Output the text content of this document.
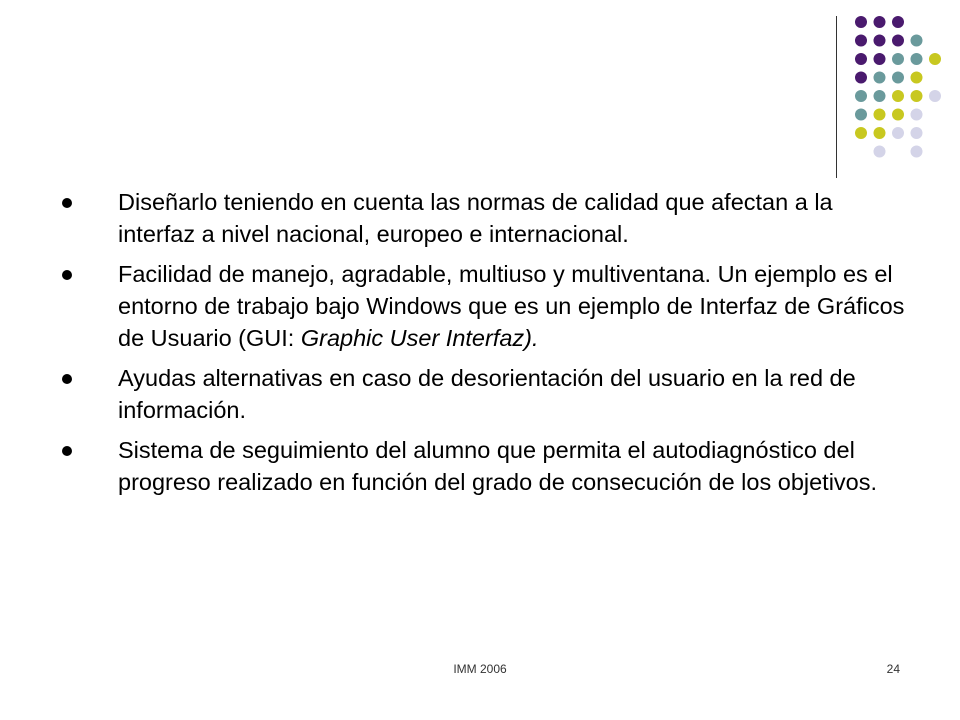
Diseñarlo teniendo en cuenta las normas de calidad que afectan a la interfaz a nivel nacional, europeo e internacional.
Facilidad de manejo, agradable, multiuso y multiventana. Un ejemplo es el entorno de trabajo bajo Windows que es un ejemplo de Interfaz de Gráficos de Usuario (GUI: Graphic User Interfaz).
Ayudas alternativas en caso de desorientación del usuario en la red de información.
Sistema de seguimiento del alumno que permita el autodiagnóstico del progreso realizado en función del grado de consecución de los objetivos.
IMM 2006	24
